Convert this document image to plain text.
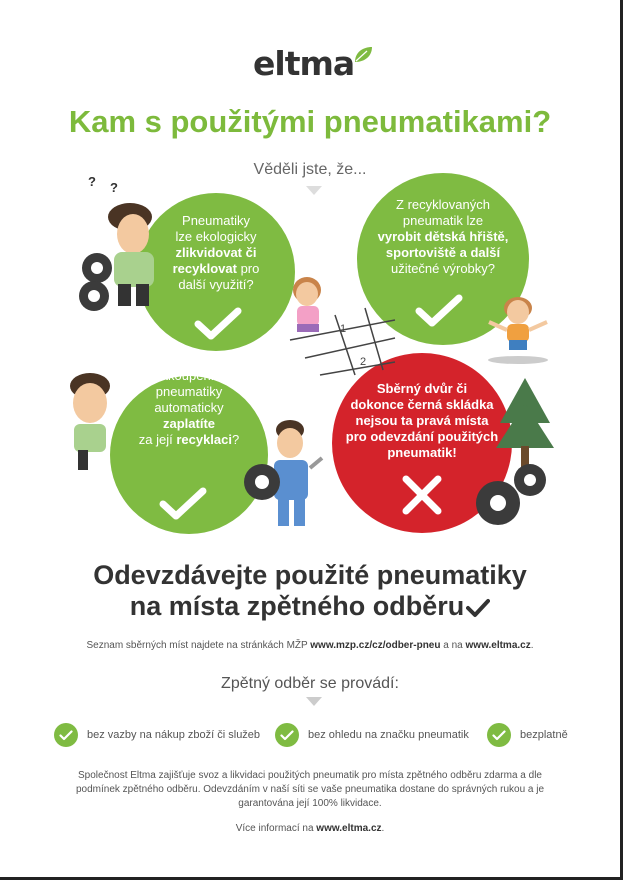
eltma
Kam s použitými pneumatikami?
Věděli jste, že...
Pneumatiky
lze ekologicky
zlikvidovat či
recyklovat pro
další využití?
Z recyklovaných
pneumatik lze
vyrobit dětská hřiště,
sportoviště a další
užitečné výrobky?
Zakoupením
pneumatiky
automaticky
zaplatíte
za její recyklaci?
Sběrný dvůr či
dokonce černá skládka
nejsou ta pravá místa
pro odevzdání použitých
pneumatik!
? ?
1
2
Odevzdávejte použité pneumatiky
na místa zpětného odběru
Seznam sběrných míst najdete na stránkách MŽP www.mzp.cz/cz/odber-pneu a na www.eltma.cz.
Zpětný odběr se provádí:
bez vazby na nákup zboží či služeb	bez ohledu na značku pneumatik	bezplatně
Společnost Eltma zajišťuje svoz a likvidaci použitých pneumatik pro místa zpětného odběru zdarma a dle podmínek zpětného odběru. Odevzdáním v naší síti se vaše pneumatika dostane do správných rukou a je garantována její 100% likvidace.
Více informací na www.eltma.cz.
